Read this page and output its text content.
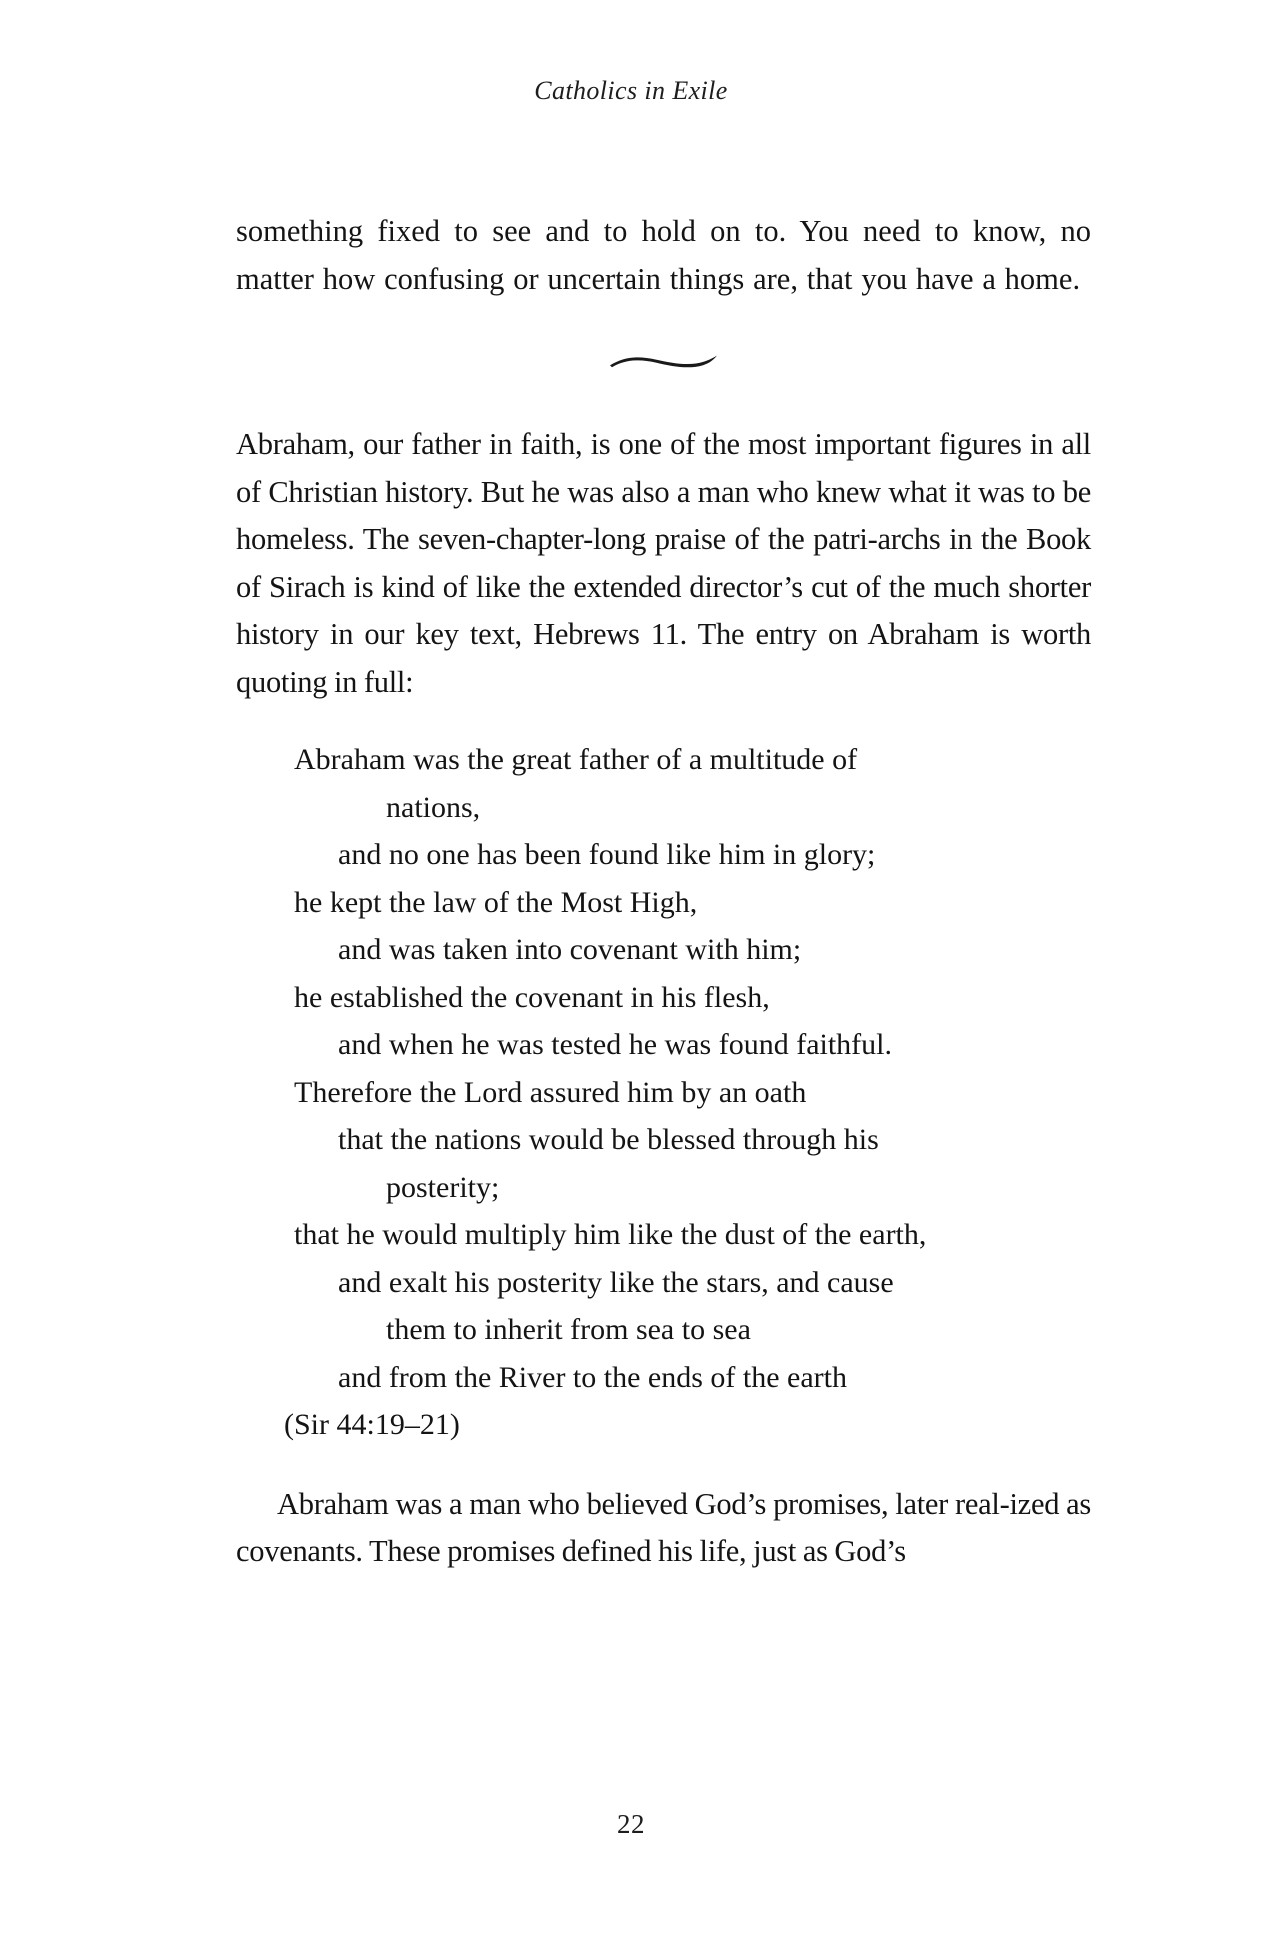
Catholics in Exile

something fixed to see and to hold on to. You need to know, no matter how confusing or uncertain things are, that you have a home.

Abraham, our father in faith, is one of the most important figures in all of Christian history. But he was also a man who knew what it was to be homeless. The seven-chapter-long praise of the patri-archs in the Book of Sirach is kind of like the extended director’s cut of the much shorter history in our key text, Hebrews 11. The entry on Abraham is worth quoting in full:

Abraham was the great father of a multitude of
nations,
and no one has been found like him in glory;
he kept the law of the Most High,
and was taken into covenant with him;
he established the covenant in his flesh,
and when he was tested he was found faithful.
Therefore the Lord assured him by an oath
that the nations would be blessed through his
posterity;
that he would multiply him like the dust of the earth,
and exalt his posterity like the stars, and cause
them to inherit from sea to sea
and from the River to the ends of the earth
(Sir 44:19–21)

Abraham was a man who believed God’s promises, later real-ized as covenants. These promises defined his life, just as God’s

22
